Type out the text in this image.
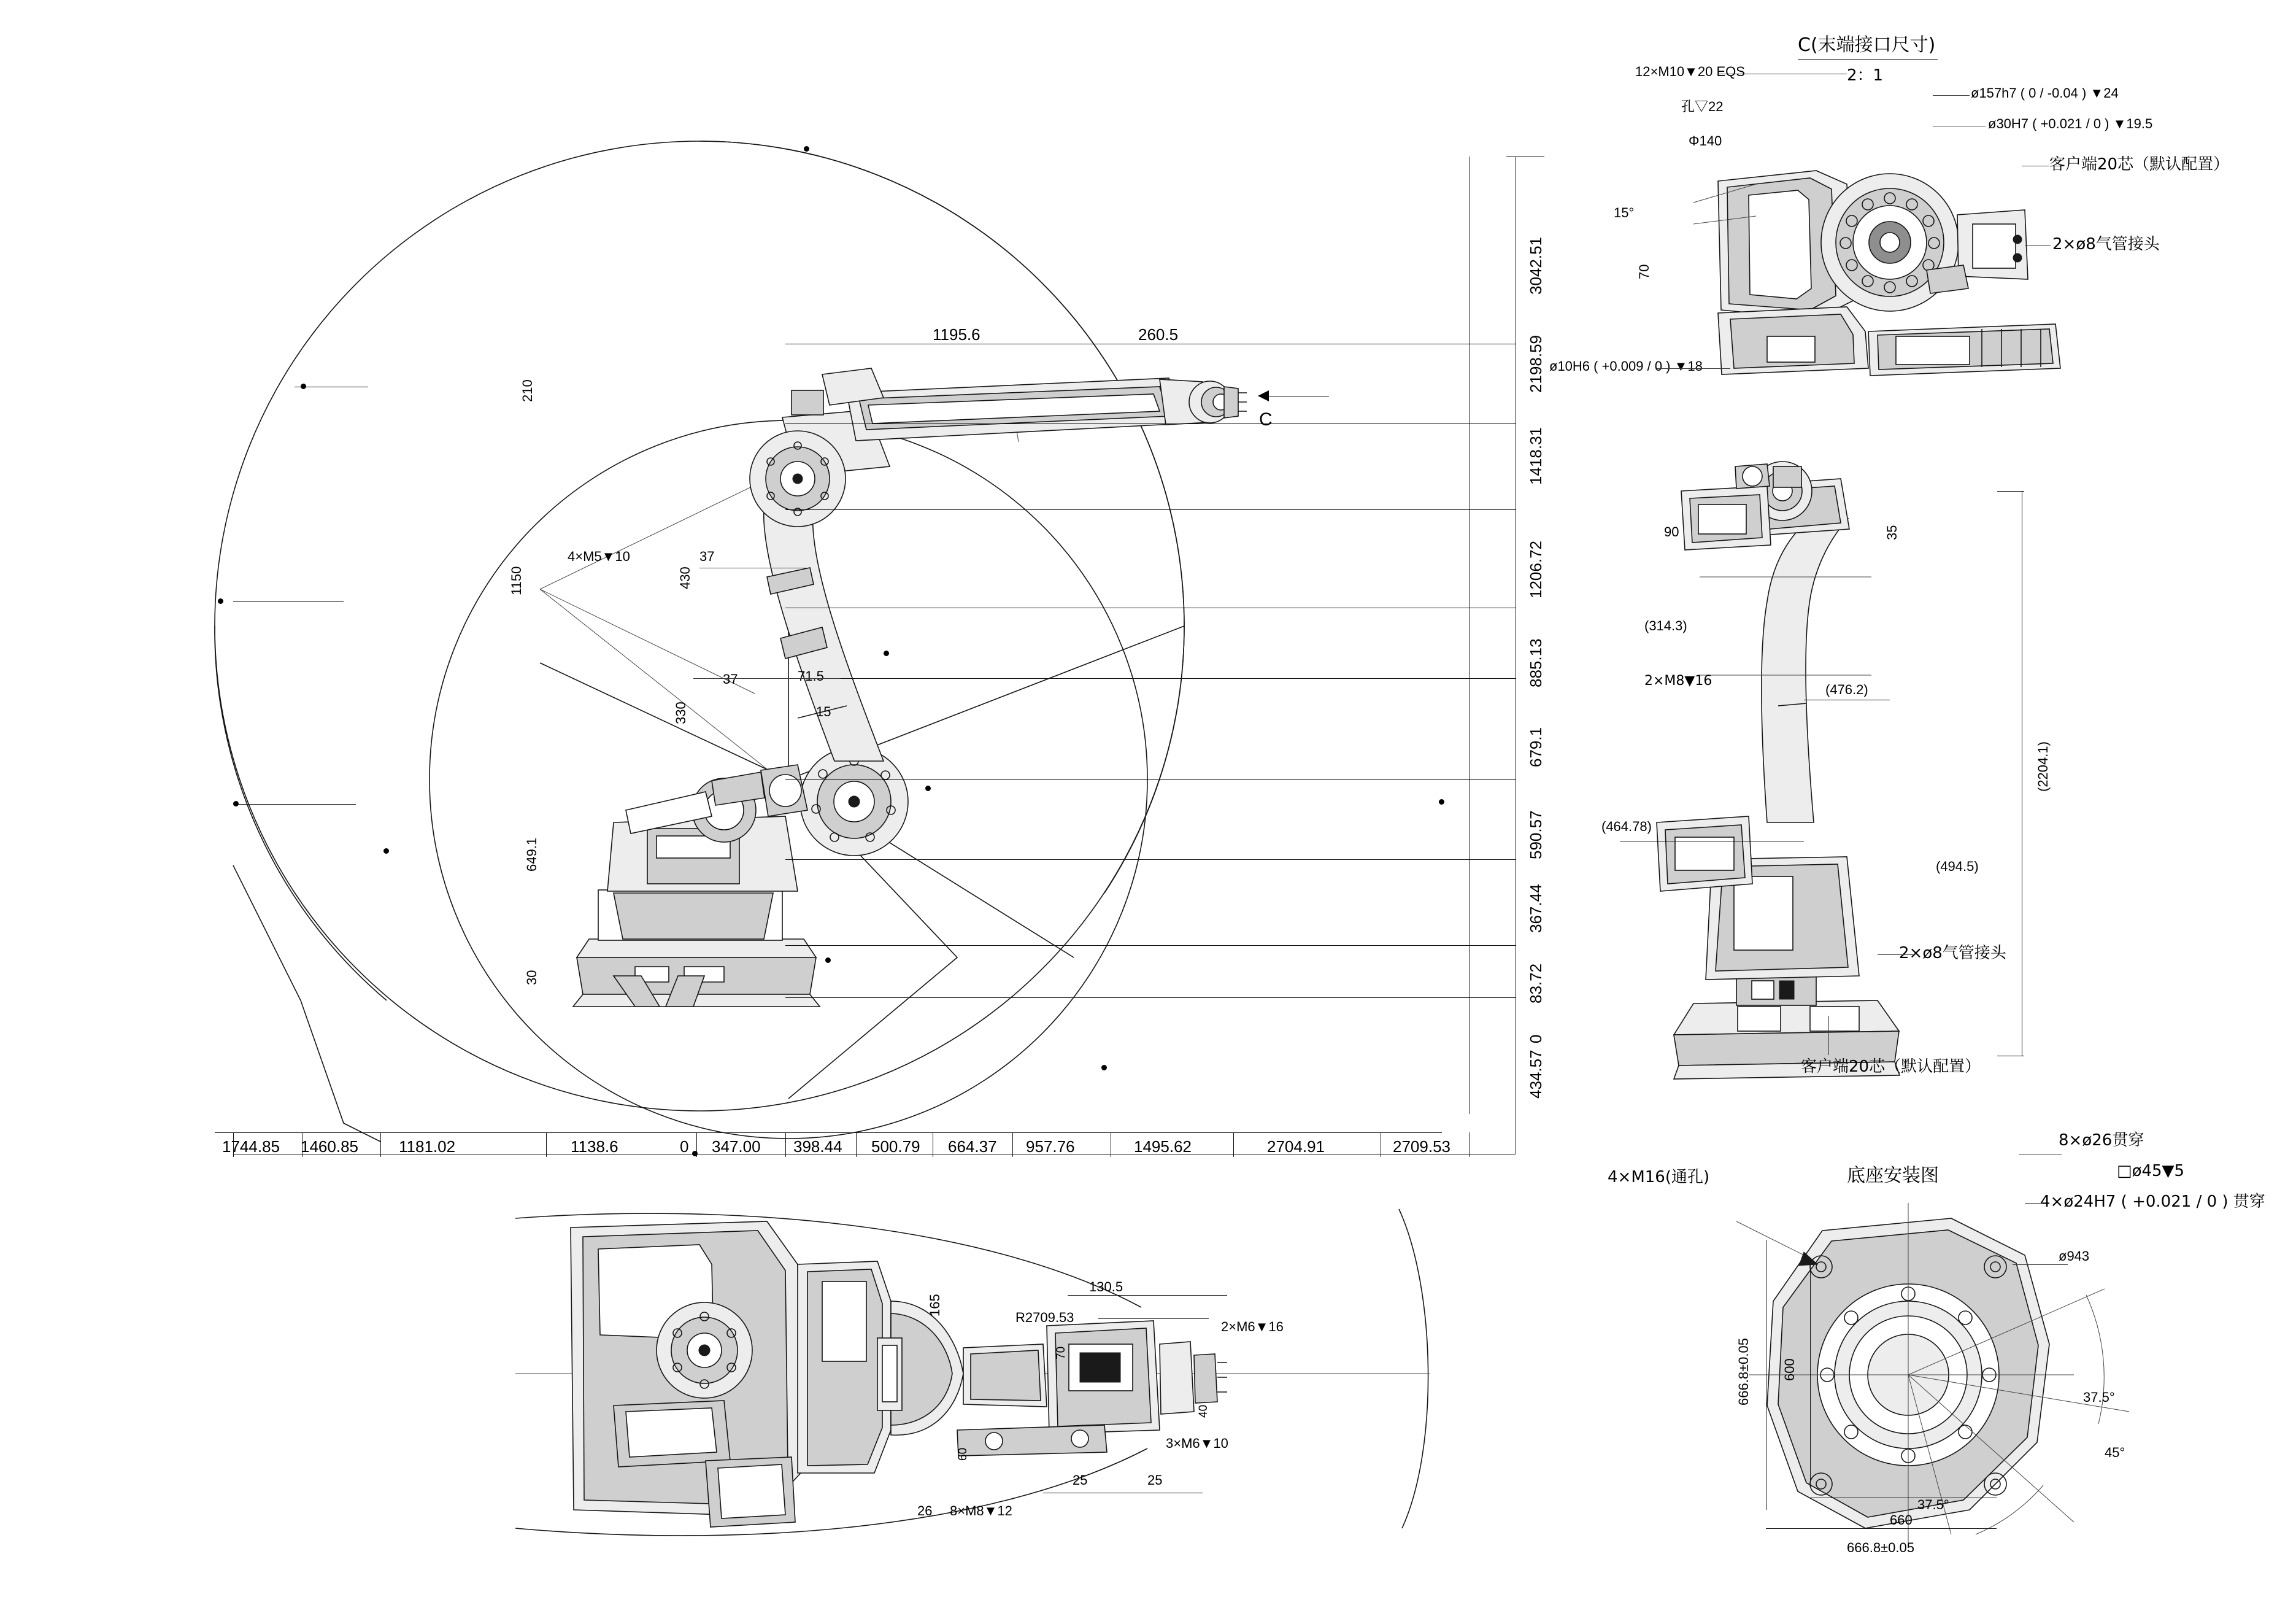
C
3042.51
2198.59
1418.31
1206.72
885.13
679.1
590.57
367.44
83.72
0
434.57
1744.85 1460.85	1181.02	1138.6	0 347.00 398.44 500.79 664.37 957.76	1495.62	2704.91	2709.53
1195.6	260.5
210
1150	430
330
649.1
30
37
37	71.5
15
4×M5▼10
15°
70
C(末端接口尺寸)
2：1
12×M10▼20 EQS
孔▽22
Φ140
ø157h7 ( 0 / -0.04 ) ▼24
ø30H7 ( +0.021 / 0 ) ▼19.5
客户端20芯（默认配置）
2×ø8气管接头
ø10H6 ( +0.009 / 0 ) ▼18
90	35
(314.3)
2×M8▼16
(476.2)
(464.78)
(494.5)
(2204.1)
2×ø8气管接头
客户端20芯（默认配置）
165
130.5
R2709.53
70
60
40
26
25	25
2×M6▼16
3×M6▼10
8×M8▼12
底座安装图
4×M16(通孔)
8×ø26贯穿
□ø45▼5
4×ø24H7 ( +0.021 / 0 ) 贯穿
666.8±0.05 600
660
666.8±0.05
ø943
37.5°
37.5°
45°
